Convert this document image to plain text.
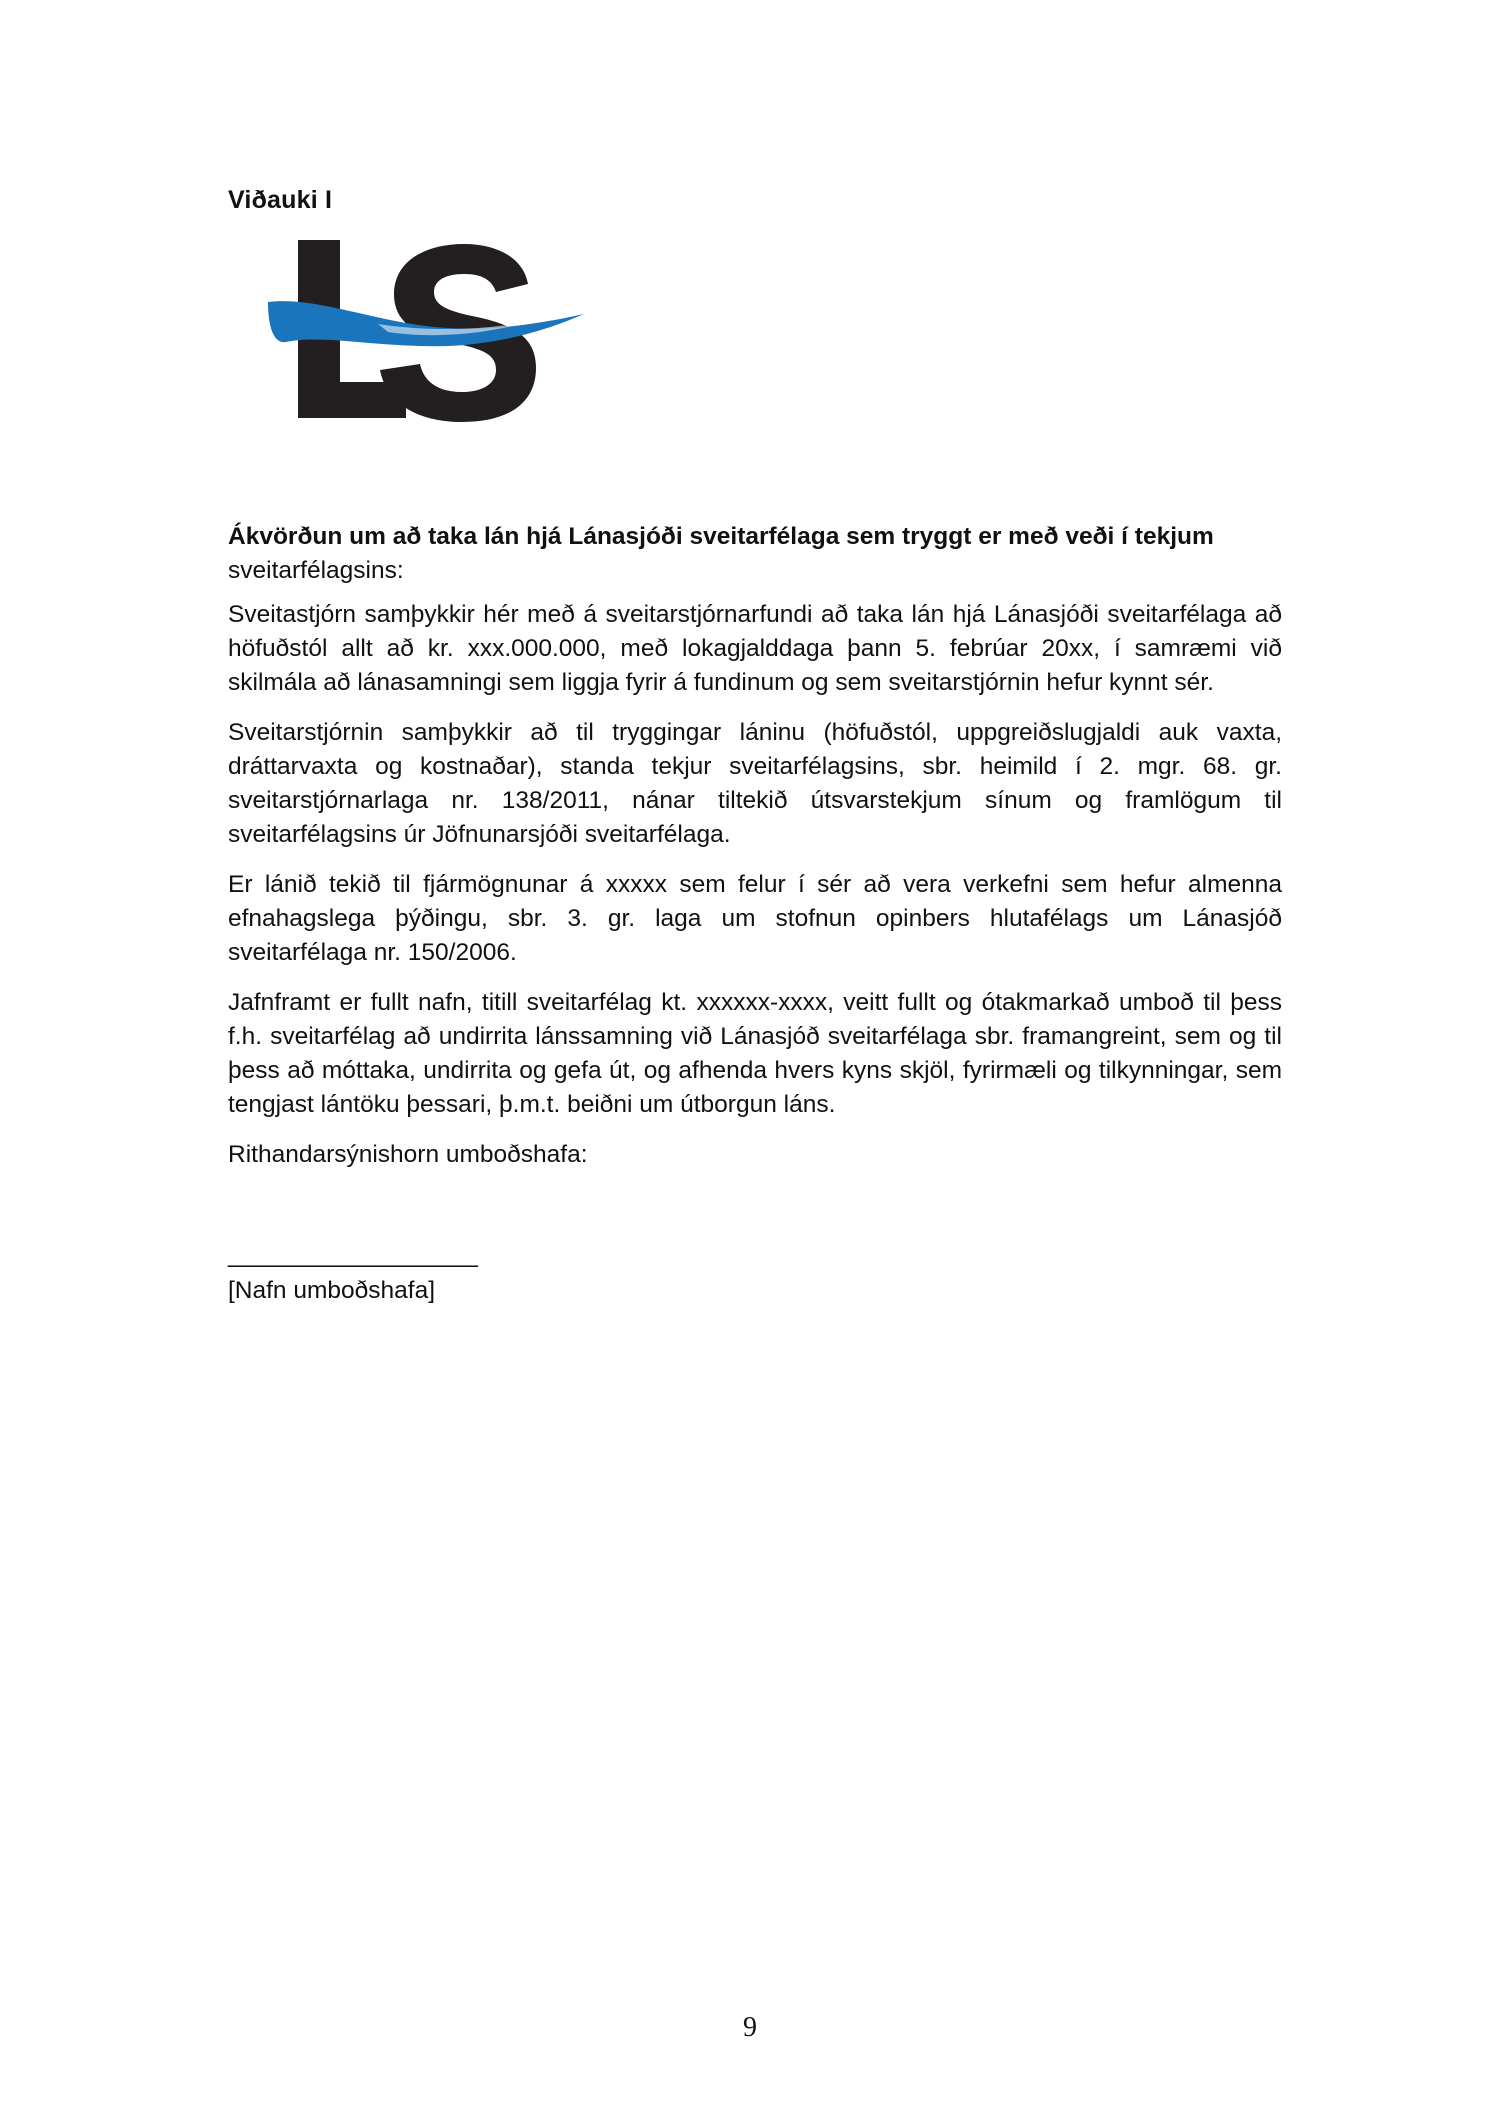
Viðauki I

Ákvörðun um að taka lán hjá Lánasjóði sveitarfélaga sem tryggt er með veði í tekjum
sveitarfélagsins:

Sveitastjórn samþykkir hér með á sveitarstjórnarfundi að taka lán hjá Lánasjóði sveitarfélaga að höfuðstól allt að kr. xxx.000.000, með lokagjalddaga þann 5. febrúar 20xx, í samræmi við skilmála að lánasamningi sem liggja fyrir á fundinum og sem sveitarstjórnin hefur kynnt sér.

Sveitarstjórnin samþykkir að til tryggingar láninu (höfuðstól, uppgreiðslugjaldi auk vaxta, dráttarvaxta og kostnaðar), standa tekjur sveitarfélagsins, sbr. heimild í 2. mgr. 68. gr. sveitarstjórnarlaga nr. 138/2011, nánar tiltekið útsvarstekjum sínum og framlögum til sveitarfélagsins úr Jöfnunarsjóði sveitarfélaga.

Er lánið tekið til fjármögnunar á xxxxx sem felur í sér að vera verkefni sem hefur almenna efnahagslega þýðingu, sbr. 3. gr. laga um stofnun opinbers hlutafélags um Lánasjóð sveitarfélaga nr. 150/2006.

Jafnframt er fullt nafn, titill sveitarfélag kt. xxxxxx-xxxx, veitt fullt og ótakmarkað umboð til þess f.h. sveitarfélag að undirrita lánssamning við Lánasjóð sveitarfélaga sbr. framangreint, sem og til þess að móttaka, undirrita og gefa út, og afhenda hvers kyns skjöl, fyrirmæli og tilkynningar, sem tengjast lántöku þessari, þ.m.t. beiðni um útborgun láns.

Rithandarsýnishorn umboðshafa:

___________________
[Nafn umboðshafa]
9
